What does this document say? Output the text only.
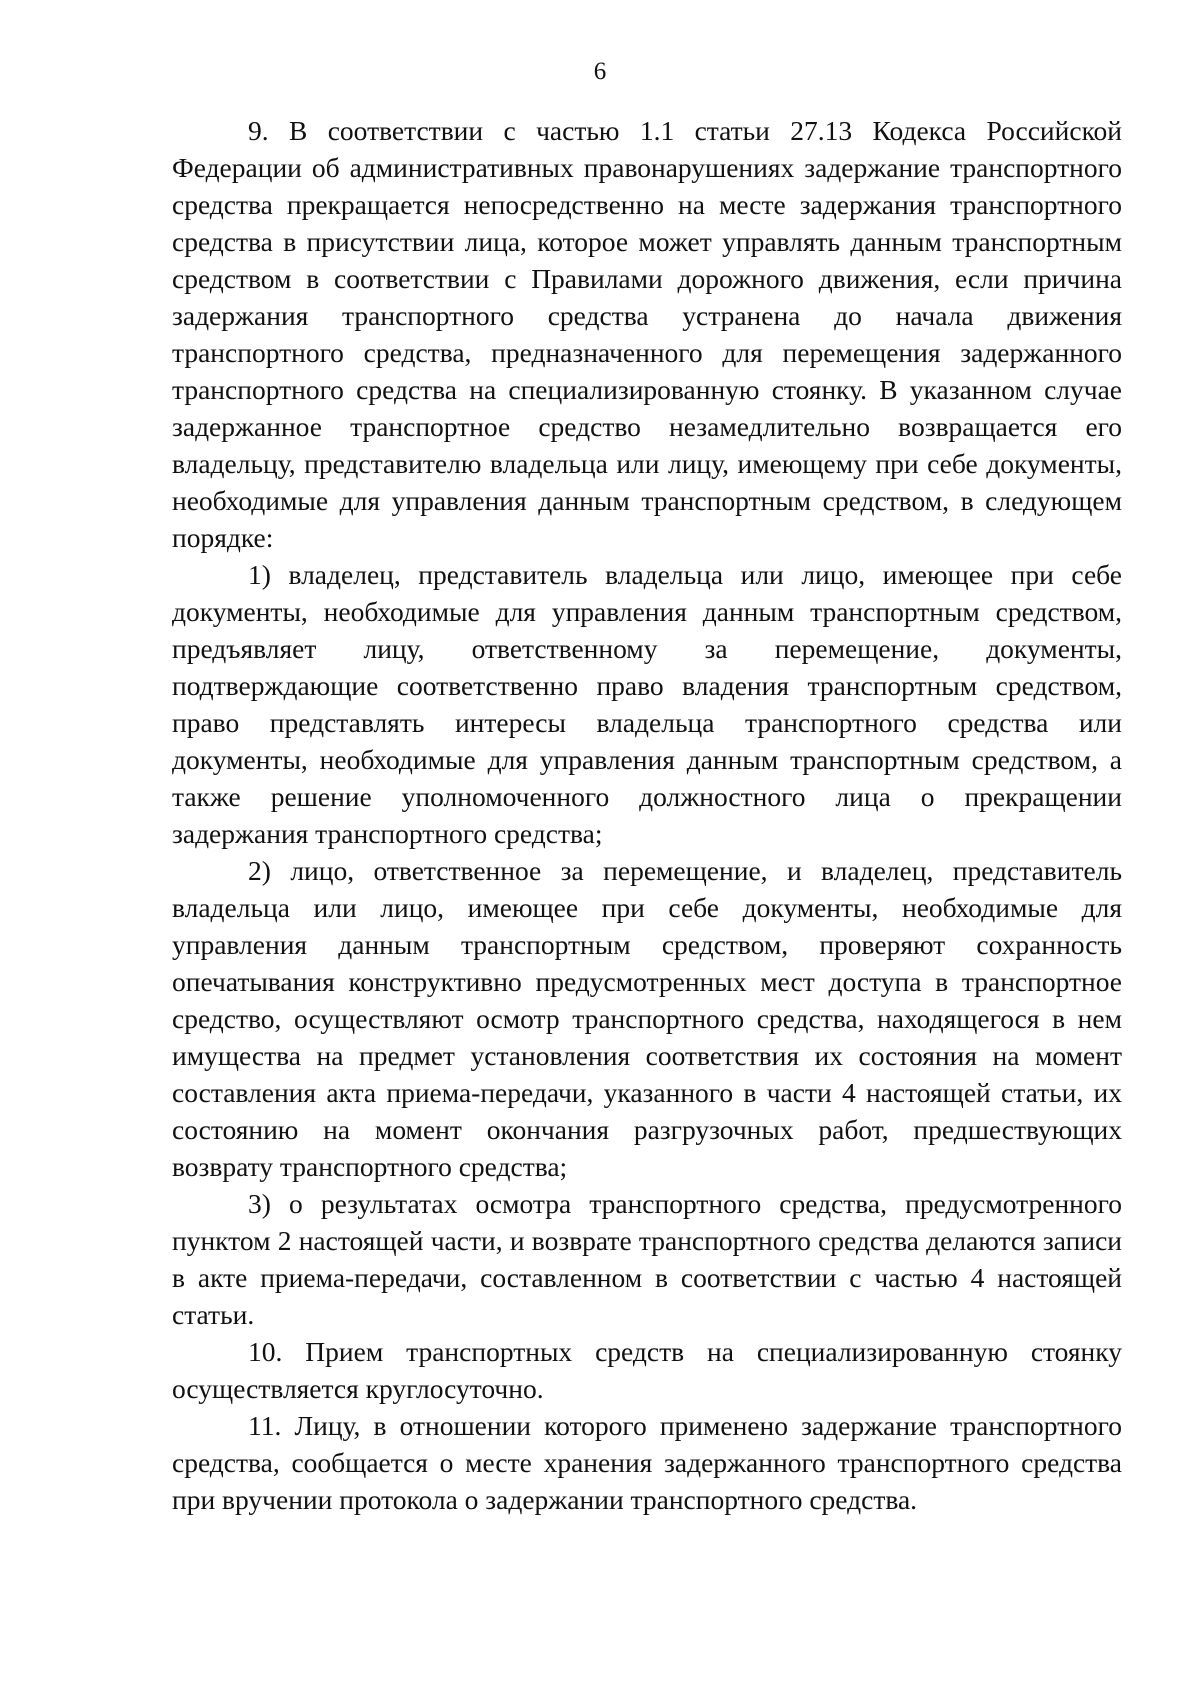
6

9. В соответствии с частью 1.1 статьи 27.13 Кодекса Российской Федерации об административных правонарушениях задержание транспортного средства прекращается непосредственно на месте задержания транспортного средства в присутствии лица, которое может управлять данным транспортным средством в соответствии с Правилами дорожного движения, если причина задержания транспортного средства устранена до начала движения транспортного средства, предназначенного для перемещения задержанного транспортного средства на специализированную стоянку. В указанном случае задержанное транспортное средство незамедлительно возвращается его владельцу, представителю владельца или лицу, имеющему при себе документы, необходимые для управления данным транспортным средством, в следующем порядке:

1) владелец, представитель владельца или лицо, имеющее при себе документы, необходимые для управления данным транспортным средством, предъявляет лицу, ответственному за перемещение, документы, подтверждающие соответственно право владения транспортным средством, право представлять интересы владельца транспортного средства или документы, необходимые для управления данным транспортным средством, а также решение уполномоченного должностного лица о прекращении задержания транспортного средства;

2) лицо, ответственное за перемещение, и владелец, представитель владельца или лицо, имеющее при себе документы, необходимые для управления данным транспортным средством, проверяют сохранность опечатывания конструктивно предусмотренных мест доступа в транспортное средство, осуществляют осмотр транспортного средства, находящегося в нем имущества на предмет установления соответствия их состояния на момент составления акта приема-передачи, указанного в части 4 настоящей статьи, их состоянию на момент окончания разгрузочных работ, предшествующих возврату транспортного средства;

3) о результатах осмотра транспортного средства, предусмотренного пунктом 2 настоящей части, и возврате транспортного средства делаются записи в акте приема-передачи, составленном в соответствии с частью 4 настоящей статьи.

10. Прием транспортных средств на специализированную стоянку осуществляется круглосуточно.

11. Лицу, в отношении которого применено задержание транспортного средства, сообщается о месте хранения задержанного транспортного средства при вручении протокола о задержании транспортного средства.
